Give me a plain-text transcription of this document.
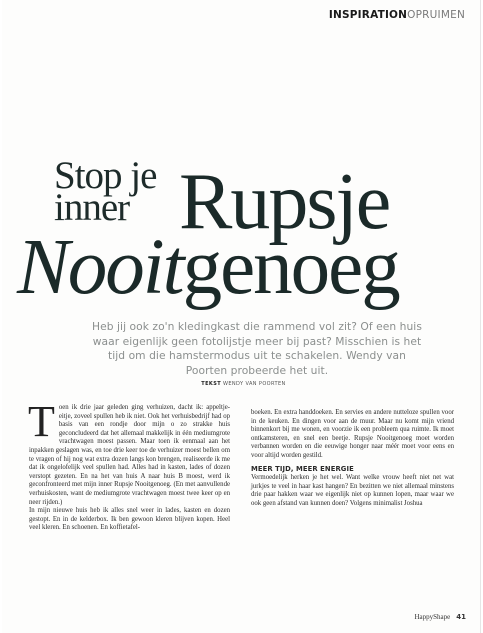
INSPIRATIONOPRUIMEN
Stop je
inner Rupsje
Nooitgenoeg
Heb jij ook zo'n kledingkast die rammend vol zit? Of een huis waar eigenlijk geen fotolijstje meer bij past? Misschien is het tijd om die hamstermodus uit te schakelen. Wendy van Poorten probeerde het uit.
TEKST WENDY VAN POORTEN

Toen ik drie jaar geleden ging verhuizen, dacht ik: appeltje-eitje, zoveel spullen heb ik niet. Ook het verhuisbedrijf had op basis van een rondje door mijn o zo strakke huis geconcludeerd dat het allemaal makkelijk in één mediumgrote vrachtwagen moest passen. Maar toen ik eenmaal aan het inpakken geslagen was, en toe drie keer toe de verhuizer moest bellen om te vragen of hij nog wat extra dozen langs kon brengen, realiseerde ik me dat ik ongelofelijk veel spullen had. Alles had in kasten, lades of dozen verstopt gezeten. En na het van huis A naar huis B moest, werd ik geconfronteerd met mijn inner Rupsje Nooitgenoeg. (En met aanvullende verhuiskosten, want de mediumgrote vrachtwagen moest twee keer op en neer rijden.)

In mijn nieuwe huis heb ik alles snel weer in lades, kasten en dozen gestopt. En in de kelderbox. Ik ben gewoon kleren blijven kopen. Heel veel kleren. En schoenen. En koffietafel-

boeken. En extra handdoeken. En servies en andere nutteloze spullen voor in de keuken. En dingen voor aan de muur. Maar nu komt mijn vriend binnenkort bij me wonen, en voorzie ik een probleem qua ruimte. Ik moet ontkamsteren, en snel een beetje. Rupsje Nooitgenoeg moet worden verbannen worden en die eeuwige honger naar méér moet voor eens en voor altijd worden gestild.

MEER TIJD, MEER ENERGIE

Vermoedelijk herken je het wel. Want welke vrouw heeft niet net wat jurkjes te veel in haar kast hangen? En bezitten we niet allemaal minstens drie paar hakken waar we eigenlijk niet op kunnen lopen, maar waar we ook geen afstand van kunnen doen? Volgens minimalist Joshua

HappyShape 41
